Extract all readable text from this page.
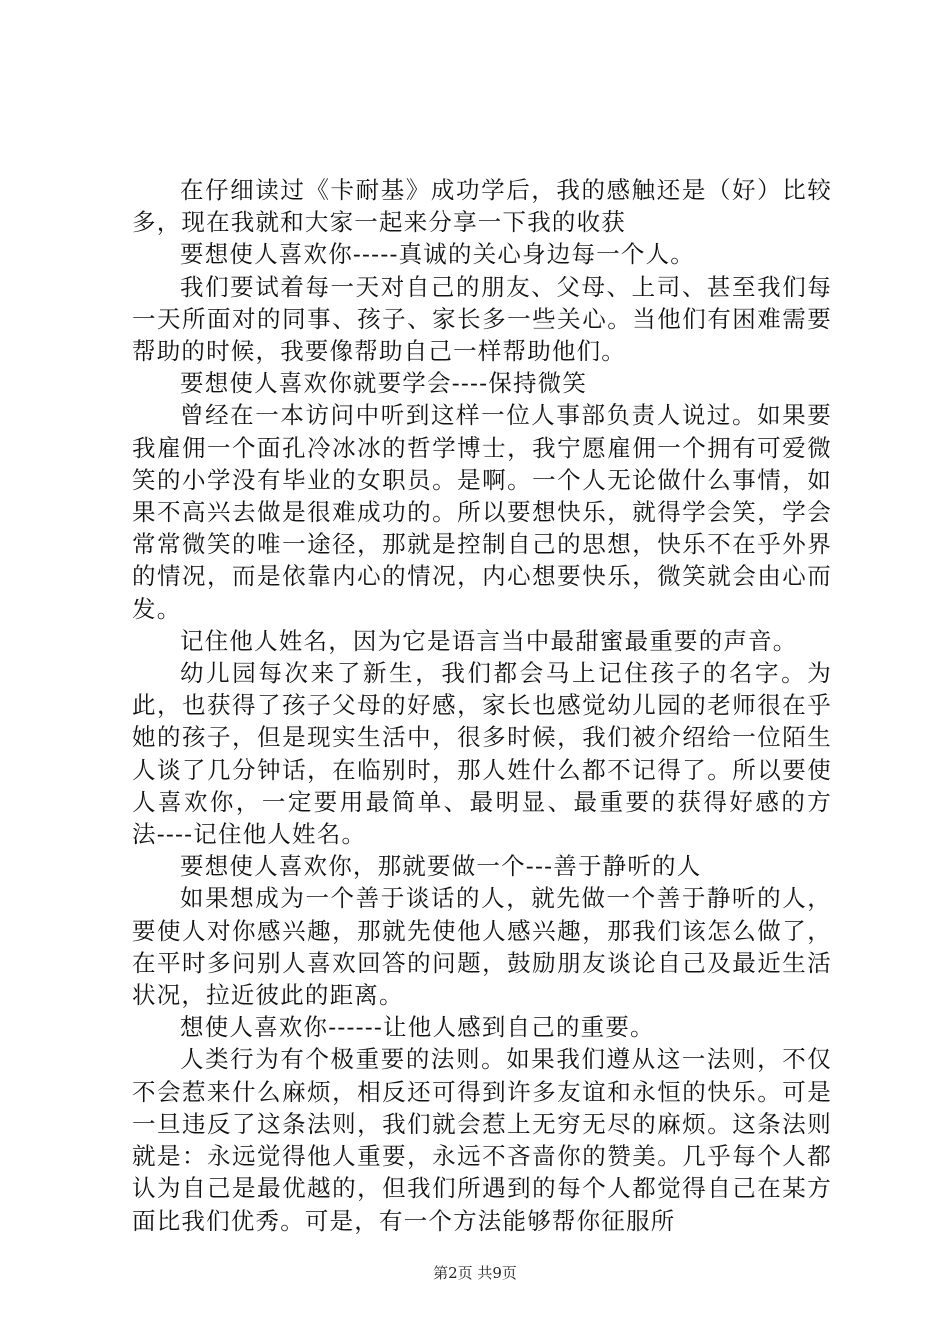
在仔细读过《卡耐基》成功学后，我的感触还是（好）比较多，现在我就和大家一起来分享一下我的收获

要想使人喜欢你-----真诚的关心身边每一个人。

我们要试着每一天对自己的朋友、父母、上司、甚至我们每一天所面对的同事、孩子、家长多一些关心。当他们有困难需要帮助的时候，我要像帮助自己一样帮助他们。

要想使人喜欢你就要学会----保持微笑

曾经在一本访问中听到这样一位人事部负责人说过。如果要我雇佣一个面孔冷冰冰的哲学博士，我宁愿雇佣一个拥有可爱微笑的小学没有毕业的女职员。是啊。一个人无论做什么事情，如果不高兴去做是很难成功的。所以要想快乐，就得学会笑，学会常常微笑的唯一途径，那就是控制自己的思想，快乐不在乎外界的情况，而是依靠内心的情况，内心想要快乐，微笑就会由心而发。

记住他人姓名，因为它是语言当中最甜蜜最重要的声音。

幼儿园每次来了新生，我们都会马上记住孩子的名字。为此，也获得了孩子父母的好感，家长也感觉幼儿园的老师很在乎她的孩子，但是现实生活中，很多时候，我们被介绍给一位陌生人谈了几分钟话，在临别时，那人姓什么都不记得了。所以要使人喜欢你，一定要用最简单、最明显、最重要的获得好感的方法----记住他人姓名。

要想使人喜欢你，那就要做一个---善于静听的人

如果想成为一个善于谈话的人，就先做一个善于静听的人，要使人对你感兴趣，那就先使他人感兴趣，那我们该怎么做了，在平时多问别人喜欢回答的问题，鼓励朋友谈论自己及最近生活状况，拉近彼此的距离。

想使人喜欢你------让他人感到自己的重要。

人类行为有个极重要的法则。如果我们遵从这一法则，不仅不会惹来什么麻烦，相反还可得到许多友谊和永恒的快乐。可是一旦违反了这条法则，我们就会惹上无穷无尽的麻烦。这条法则就是：永远觉得他人重要，永远不吝啬你的赞美。几乎每个人都认为自己是最优越的，但我们所遇到的每个人都觉得自己在某方面比我们优秀。可是，有一个方法能够帮你征服所

第2页 共9页
